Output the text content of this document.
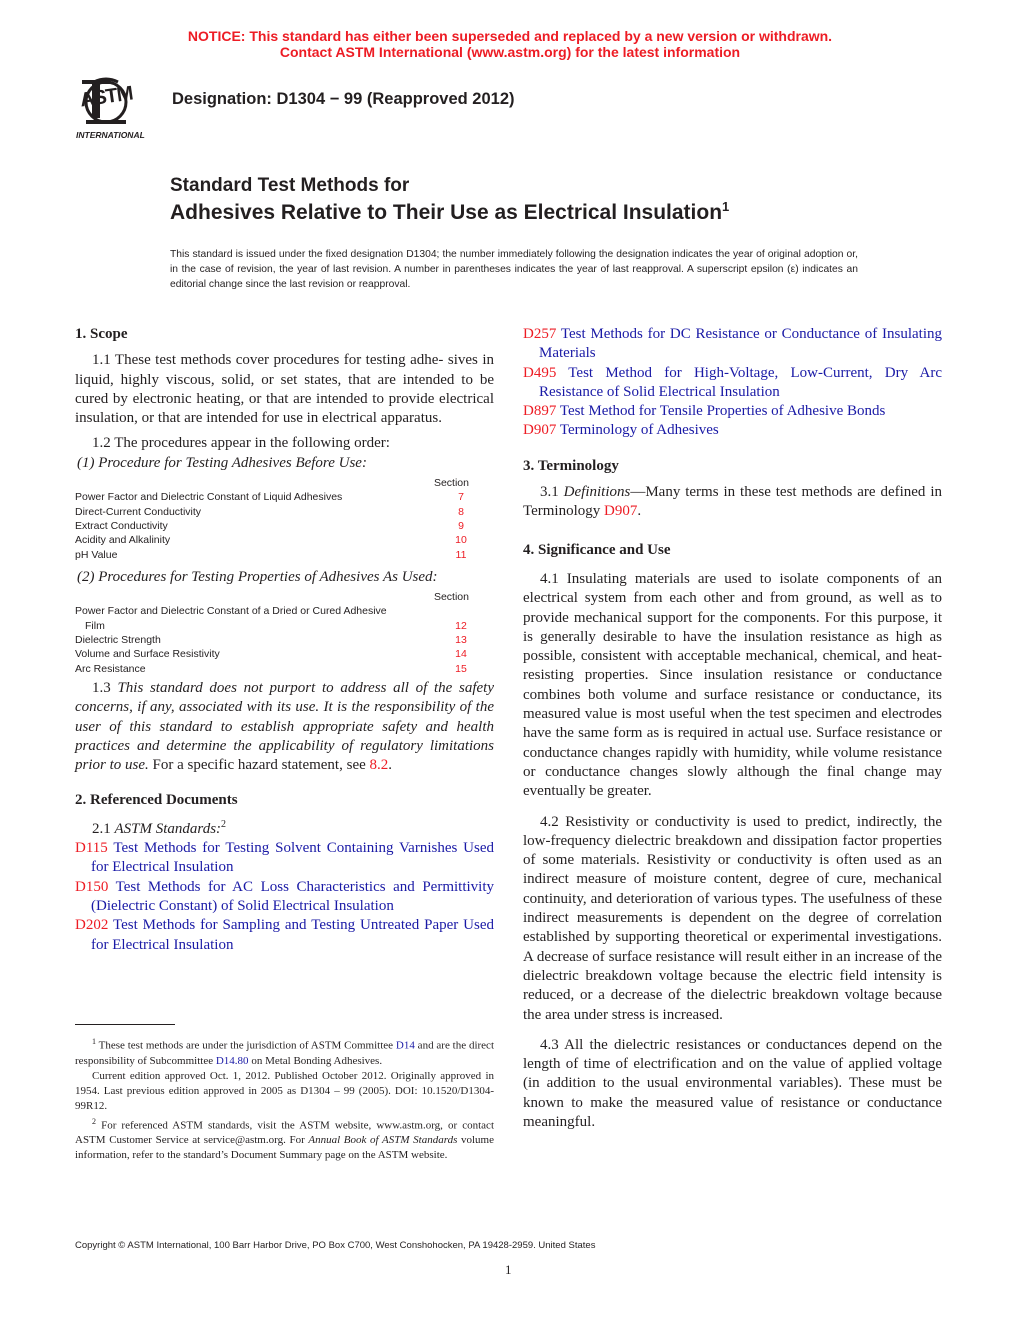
NOTICE: This standard has either been superseded and replaced by a new version or withdrawn.
Contact ASTM International (www.astm.org) for the latest information
ASTM
INTERNATIONAL
Designation: D1304 − 99 (Reapproved 2012)
Standard Test Methods for
Adhesives Relative to Their Use as Electrical Insulation$^1$
This standard is issued under the fixed designation D1304; the number immediately following the designation indicates the year of original adoption or, in the case of revision, the year of last revision. A number in parentheses indicates the year of last reapproval. A superscript epsilon (ε) indicates an editorial change since the last revision or reapproval.
1. Scope

1.1 These test methods cover procedures for testing adhe- sives in liquid, highly viscous, solid, or set states, that are intended to be cured by electronic heating, or that are intended to provide electrical insulation, or that are intended for use in electrical apparatus.

1.2 The procedures appear in the following order:

(1) Procedure for Testing Adhesives Before Use:

Section
Power Factor and Dielectric Constant of Liquid Adhesives	7
Direct-Current Conductivity	8
Extract Conductivity	9
Acidity and Alkalinity	10
pH Value	11

(2) Procedures for Testing Properties of Adhesives As Used:

Section
Power Factor and Dielectric Constant of a Dried or Cured Adhesive
Film	12
Dielectric Strength	13
Volume and Surface Resistivity	14
Arc Resistance	15

1.3 This standard does not purport to address all of the safety concerns, if any, associated with its use. It is the responsibility of the user of this standard to establish appropriate safety and health practices and determine the applicability of regulatory limitations prior to use. For a specific hazard statement, see 8.2.

2. Referenced Documents

2.1 ASTM Standards:$^2$

D115 Test Methods for Testing Solvent Containing Varnishes Used for Electrical Insulation

D150 Test Methods for AC Loss Characteristics and Permittivity (Dielectric Constant) of Solid Electrical Insulation

D202 Test Methods for Sampling and Testing Untreated Paper Used for Electrical Insulation

$^1$ These test methods are under the jurisdiction of ASTM Committee D14 and are the direct responsibility of Subcommittee D14.80 on Metal Bonding Adhesives.

Current edition approved Oct. 1, 2012. Published October 2012. Originally approved in 1954. Last previous edition approved in 2005 as D1304 – 99 (2005). DOI: 10.1520/D1304-99R12.

$^2$ For referenced ASTM standards, visit the ASTM website, www.astm.org, or contact ASTM Customer Service at service@astm.org. For Annual Book of ASTM Standards volume information, refer to the standard’s Document Summary page on the ASTM website.

D257 Test Methods for DC Resistance or Conductance of Insulating Materials

D495 Test Method for High-Voltage, Low-Current, Dry Arc Resistance of Solid Electrical Insulation

D897 Test Method for Tensile Properties of Adhesive Bonds

D907 Terminology of Adhesives

3. Terminology

3.1 Definitions—Many terms in these test methods are defined in Terminology D907.

4. Significance and Use

4.1 Insulating materials are used to isolate components of an electrical system from each other and from ground, as well as to provide mechanical support for the components. For this purpose, it is generally desirable to have the insulation resistance as high as possible, consistent with acceptable mechanical, chemical, and heat-resisting properties. Since insulation resistance or conductance combines both volume and surface resistance or conductance, its measured value is most useful when the test specimen and electrodes have the same form as is required in actual use. Surface resistance or conductance changes rapidly with humidity, while volume resistance or conductance changes slowly although the final change may eventually be greater.

4.2 Resistivity or conductivity is used to predict, indirectly, the low-frequency dielectric breakdown and dissipation factor properties of some materials. Resistivity or conductivity is often used as an indirect measure of moisture content, degree of cure, mechanical continuity, and deterioration of various types. The usefulness of these indirect measurements is dependent on the degree of correlation established by supporting theoretical or experimental investigations. A decrease of surface resistance will result either in an increase of the dielectric breakdown voltage because the electric field intensity is reduced, or a decrease of the dielectric breakdown voltage because the area under stress is increased.

4.3 All the dielectric resistances or conductances depend on the length of time of electrification and on the value of applied voltage (in addition to the usual environmental variables). These must be known to make the measured value of resistance or conductance meaningful.

Copyright © ASTM International, 100 Barr Harbor Drive, PO Box C700, West Conshohocken, PA 19428-2959. United States
1
